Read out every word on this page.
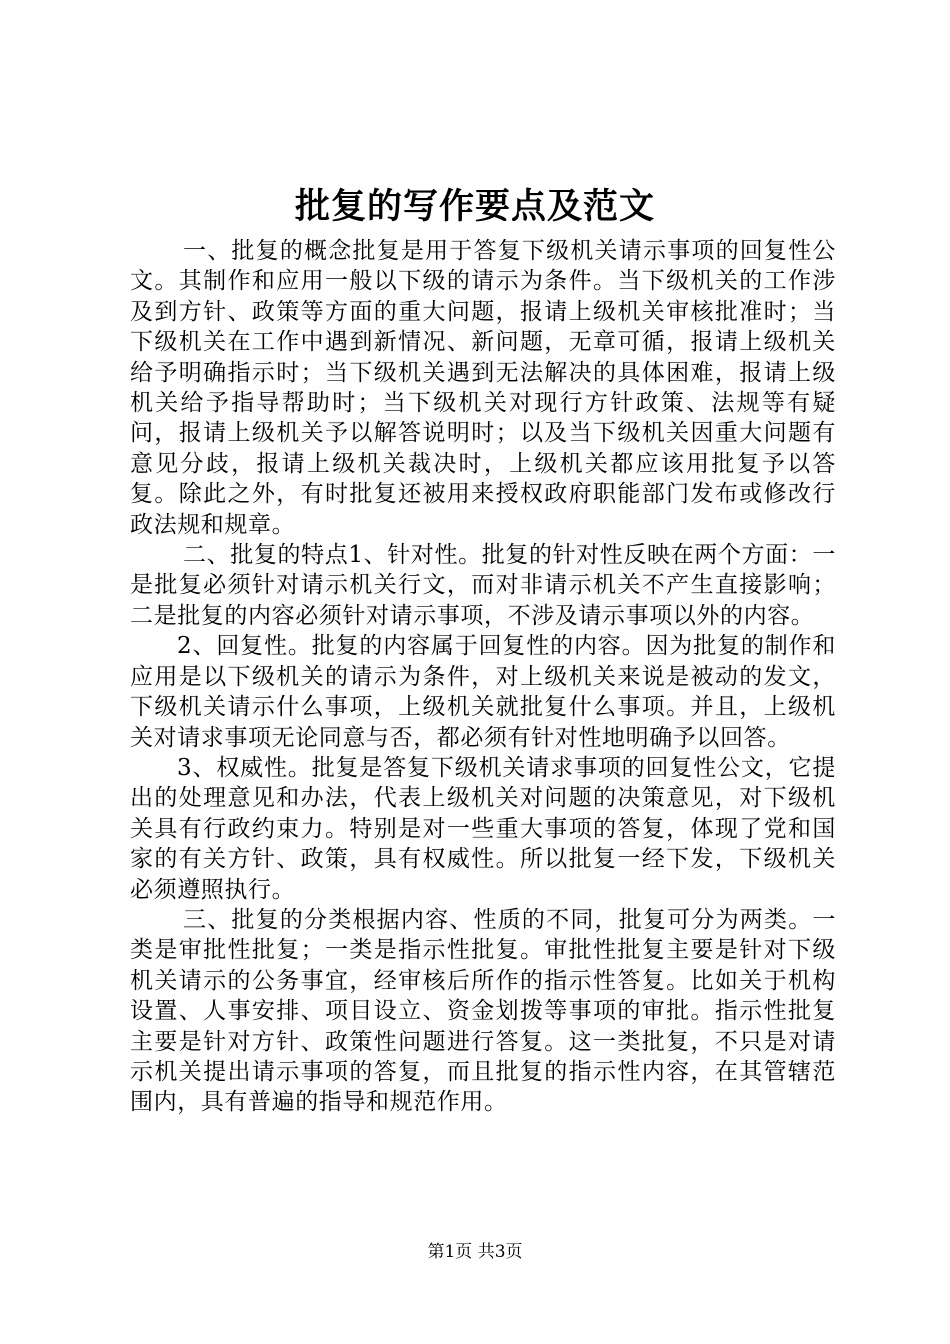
批复的写作要点及范文

一、批复的概念批复是用于答复下级机关请示事项的回复性公文。其制作和应用一般以下级的请示为条件。当下级机关的工作涉及到方针、政策等方面的重大问题，报请上级机关审核批准时；当下级机关在工作中遇到新情况、新问题，无章可循，报请上级机关给予明确指示时；当下级机关遇到无法解决的具体困难，报请上级机关给予指导帮助时；当下级机关对现行方针政策、法规等有疑问，报请上级机关予以解答说明时；以及当下级机关因重大问题有意见分歧，报请上级机关裁决时，上级机关都应该用批复予以答复。除此之外，有时批复还被用来授权政府职能部门发布或修改行政法规和规章。

二、批复的特点1、针对性。批复的针对性反映在两个方面：一是批复必须针对请示机关行文，而对非请示机关不产生直接影响；二是批复的内容必须针对请示事项，不涉及请示事项以外的内容。

2、回复性。批复的内容属于回复性的内容。因为批复的制作和应用是以下级机关的请示为条件，对上级机关来说是被动的发文，下级机关请示什么事项，上级机关就批复什么事项。并且，上级机关对请求事项无论同意与否，都必须有针对性地明确予以回答。

3、权威性。批复是答复下级机关请求事项的回复性公文，它提出的处理意见和办法，代表上级机关对问题的决策意见，对下级机关具有行政约束力。特别是对一些重大事项的答复，体现了党和国家的有关方针、政策，具有权威性。所以批复一经下发，下级机关必须遵照执行。

三、批复的分类根据内容、性质的不同，批复可分为两类。一类是审批性批复；一类是指示性批复。审批性批复主要是针对下级机关请示的公务事宜，经审核后所作的指示性答复。比如关于机构设置、人事安排、项目设立、资金划拨等事项的审批。指示性批复主要是针对方针、政策性问题进行答复。这一类批复，不只是对请示机关提出请示事项的答复，而且批复的指示性内容，在其管辖范围内，具有普遍的指导和规范作用。

第1页 共3页
